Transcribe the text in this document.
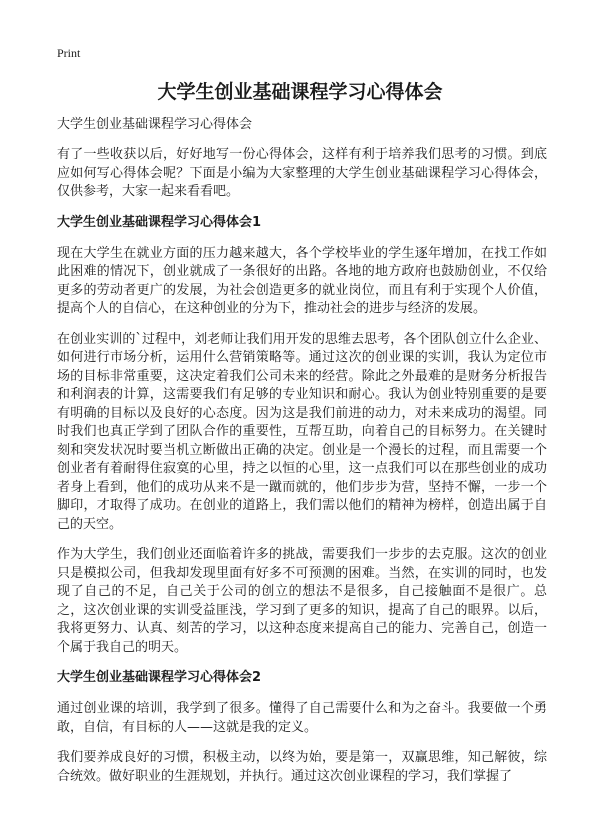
Print
大学生创业基础课程学习心得体会

大学生创业基础课程学习心得体会

有了一些收获以后，好好地写一份心得体会，这样有利于培养我们思考的习惯。到底应如何写心得体会呢？下面是小编为大家整理的大学生创业基础课程学习心得体会，仅供参考，大家一起来看看吧。

大学生创业基础课程学习心得体会1

现在大学生在就业方面的压力越来越大，各个学校毕业的学生逐年增加，在找工作如此困难的情况下，创业就成了一条很好的出路。各地的地方政府也鼓励创业，不仅给更多的劳动者更广的发展，为社会创造更多的就业岗位，而且有利于实现个人价值，提高个人的自信心，在这种创业的分为下，推动社会的进步与经济的发展。

在创业实训的`过程中，刘老师让我们用开发的思维去思考，各个团队创立什么企业、如何进行市场分析，运用什么营销策略等。通过这次的创业课的实训，我认为定位市场的目标非常重要，这决定着我们公司未来的经营。除此之外最难的是财务分析报告和利润表的计算，这需要我们有足够的专业知识和耐心。我认为创业特别重要的是要有明确的目标以及良好的心态度。因为这是我们前进的动力，对未来成功的渴望。同时我们也真正学到了团队合作的重要性，互帮互助，向着自己的目标努力。在关键时刻和突发状况时要当机立断做出正确的决定。创业是一个漫长的过程，而且需要一个创业者有着耐得住寂寞的心里，持之以恒的心里，这一点我们可以在那些创业的成功者身上看到，他们的成功从来不是一蹴而就的，他们步步为营，坚持不懈，一步一个脚印，才取得了成功。在创业的道路上，我们需以他们的精神为榜样，创造出属于自己的天空。

作为大学生，我们创业还面临着许多的挑战，需要我们一步步的去克服。这次的创业只是模拟公司，但我却发现里面有好多不可预测的困难。当然，在实训的同时，也发现了自己的不足，自己关于公司的创立的想法不是很多，自己接触面不是很广。总之，这次创业课的实训受益匪浅，学习到了更多的知识，提高了自己的眼界。以后，我将更努力、认真、刻苦的学习，以这种态度来提高自己的能力、完善自己，创造一个属于我自己的明天。

大学生创业基础课程学习心得体会2

通过创业课的培训，我学到了很多。懂得了自己需要什么和为之奋斗。我要做一个勇敢，自信，有目标的人——这就是我的定义。

我们要养成良好的习惯，积极主动，以终为始，要是第一，双赢思维，知己解彼，综合统效。做好职业的生涯规划，并执行。通过这次创业课程的学习，我们掌握了
